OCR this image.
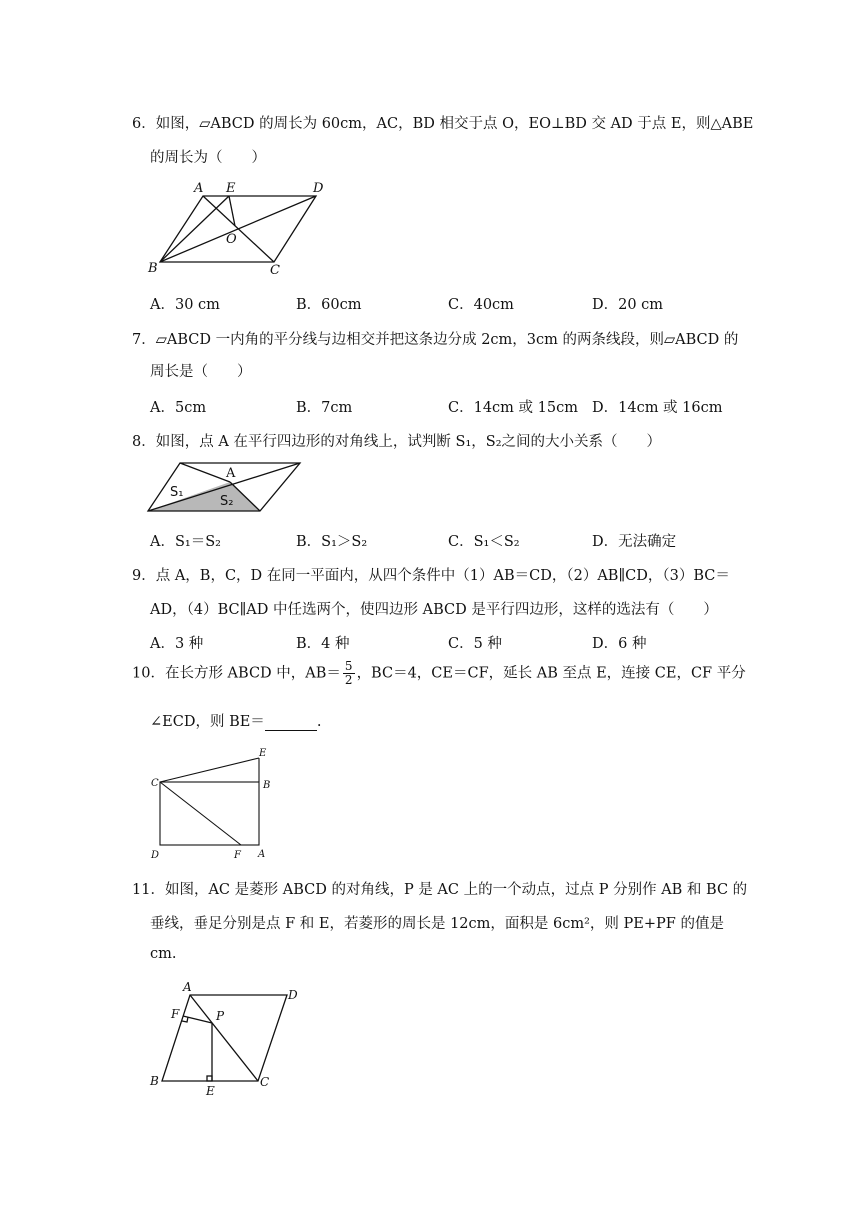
6．如图，▱ABCD 的周长为 60cm，AC，BD 相交于点 O，EO⊥BD 交 AD 于点 E，则△ABE
的周长为（　　）
A E	D
O
B	C
A．30 cm	B．60cm	C．40cm	D．20 cm
7．▱ABCD 一内角的平分线与边相交并把这条边分成 2cm，3cm 的两条线段，则▱ABCD 的
周长是（　　）
A．5cm	B．7cm	C．14cm 或 15cm D．14cm 或 16cm
8．如图，点 A 在平行四边形的对角线上，试判断 S₁，S₂之间的大小关系（　　）
A
S₁
S₂
A．S₁＝S₂	B．S₁＞S₂	C．S₁＜S₂	D．无法确定
9．点 A，B，C，D 在同一平面内，从四个条件中（1）AB＝CD，（2）AB∥CD，（3）BC＝
AD，（4）BC∥AD 中任选两个，使四边形 ABCD 是平行四边形，这样的选法有（　　）
A．3 种	B．4 种	C．5 种	D．6 种
10．在长方形 ABCD 中，$AB= \frac{5}{2}$ ，BC＝4，CE＝CF，延长 AB 至点 E，连接 CE，CF 平分
∠ECD，则 BE＝	.
E
C	B
D	F A
11．如图，AC 是菱形 ABCD 的对角线，P 是 AC 上的一个动点，过点 P 分别作 AB 和 BC 的
垂线，垂足分别是点 F 和 E，若菱形的周长是 12cm，面积是 6cm²，则 PE+PF 的值是
cm.
A
D
F	P
B
E
C
